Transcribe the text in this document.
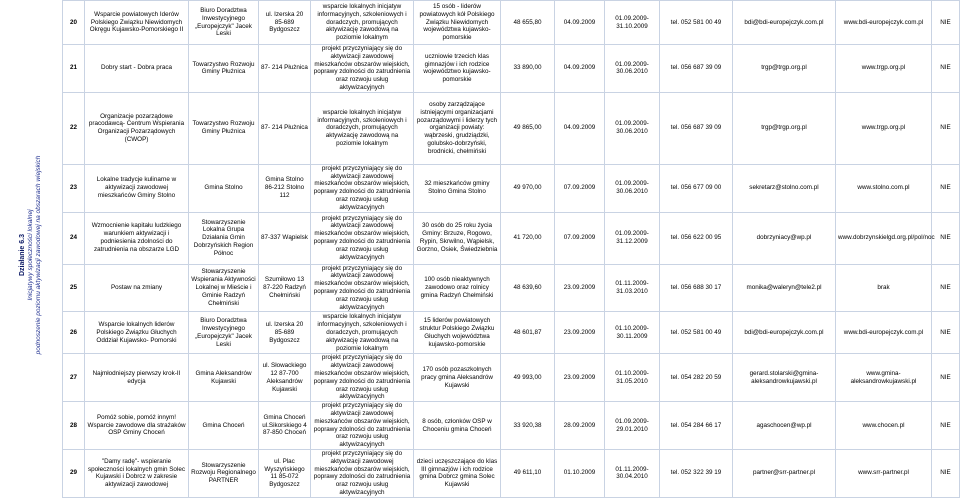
Działanie 6.3 Inicjatywy społeczności lokalnej
podnoszenie poziomu aktywizacji zawodowej na obszarach wiejskich
20	Wsparcie powiatowych Iderów Polskiego Związku Niewidomych Okręgu Kujawsko-Pomorskiego II	Biuro Doradztwa Inwestycyjnego „Europejczyk" Jacek Leski	ul. Izerska 20 85-689 Bydgoszcz	wsparcie lokalnych inicjatyw informacyjnych, szkoleniowych i doradczych, promujących aktywizację zawodową na poziomie lokalnym	15 osób - liderów powiatowych kół Polskiego Związku Niewidomych województwa kujawsko-pomorskie	48 655,80	04.09.2009	01.09.2009-31.10.2009	tel. 052 581 00 49	bdi@bdi-europejczyk.com.pl	www.bdi-europejczyk.com.pl	NIE
21	Dobry start - Dobra praca	Towarzystwo Rozwoju Gminy Płużnica	87- 214 Płużnica	projekt przyczyniający się do aktywizacji zawodowej mieszkańców obszarów wiejskich, poprawy zdolności do zatrudnienia oraz rozwoju usług aktywizacyjnych	uczniowie trzecich klas gimnazjów i ich rodzice województwo kujawsko-pomorskie	33 890,00	04.09.2009	01.09.2009-30.06.2010	tel. 056 687 39 09	trgp@trgp.org.pl	www.trgp.org.pl	NIE
22	Organizacje pozarządowe pracodawcą- Centrum Wspierania Organizacji Pozarządowych (CWOP)	Towarzystwo Rozwoju Gminy Płużnica	87- 214 Płużnica	wsparcie lokalnych inicjatyw informacyjnych, szkoleniowych i doradczych, promujących aktywizację zawodową na poziomie lokalnym	osoby zarządzające istniejącymi organizacjami pozarządowymi i liderzy tych organizacji powiaty: wąbrzeski, grudziądzki, golubsko-dobrzyński, brodnicki, chełmiński	49 865,00	04.09.2009	01.09.2009-30.06.2010	tel. 056 687 39 09	trgp@trgp.org.pl	www.trgp.org.pl	NIE
23	Lokalne tradycje kulinarne w aktywizacji zawodowej mieszkańców Gminy Stolno	Gmina Stolno	Gmina Stolno 86-212 Stolno 112	projekt przyczyniający się do aktywizacji zawodowej mieszkańców obszarów wiejskich, poprawy zdolności do zatrudnienia oraz rozwoju usług aktywizacyjnych	32 mieszkańców gminy Stolno Gmina Stolno	49 970,00	07.09.2009	01.09.2009-30.06.2010	tel. 056 677 09 00	sekretarz@stolno.com.pl	www.stolno.com.pl	NIE
24	Wzmocnienie kapitału ludzkiego warunkiem aktywizacji i podniesienia zdolności do zatrudnienia na obszarze LGD	Stowarzyszenie Lokalna Grupa Działania Gmin Dobrzyńskich Region Północ	87-337 Wąpielsk	projekt przyczyniający się do aktywizacji zawodowej mieszkańców obszarów wiejskich, poprawy zdolności do zatrudnienia oraz rozwoju usług aktywizacyjnych	30 osób do 25 roku życia Gminy: Brzuze, Rogowo, Rypin, Skrwilno, Wąpielsk, Gorzno, Osiek, Świedziebnia	41 720,00	07.09.2009	01.09.2009-31.12.2009	tel. 056 622 00 95	dobrzyniacy@wp.pl	www.dobrzynskielgd.org.pl/pol/noc	NIE
25	Postaw na zmiany	Stowarzyszenie Wspierania Aktywności Lokalnej w Mieście i Gminie Radzyń Chełmiński	Szumiłowo 13 87-220 Radzyń Chełmiński	projekt przyczyniający się do aktywizacji zawodowej mieszkańców obszarów wiejskich, poprawy zdolności do zatrudnienia oraz rozwoju usług aktywizacyjnych	100 osób nieaktywnych zawodowo oraz rolnicy gmina Radzyń Chełmiński	48 639,60	23.09.2009	01.11.2009-31.03.2010	tel. 056 688 30 17	monika@waleryn@tele2.pl	brak	NIE
26	Wsparcie lokalnych liderów Polskiego Związku Głuchych Oddział Kujawsko- Pomorski	Biuro Doradztwa Inwestycyjnego „Europejczyk" Jacek Leski	ul. Izerska 20 85-689 Bydgoszcz	wsparcie lokalnych inicjatyw informacyjnych, szkoleniowych i doradczych, promujących aktywizację zawodową na poziomie lokalnym	15 liderów powiatowych struktur Polskiego Związku Głuchych województwa kujawsko-pomorskie	48 601,87	23.09.2009	01.10.2009-30.11.2009	tel. 052 581 00 49	bdi@bdi-europejczyk.com.pl	www.bdi-europejczyk.com.pl	NIE
27	Najmłodniejszy pierwszy krok-II edycja	Gmina Aleksandrów Kujawski	ul. Słowackiego 12 87-700 Aleksandrów Kujawski	projekt przyczyniający się do aktywizacji zawodowej mieszkańców obszarów wiejskich, poprawy zdolności do zatrudnienia oraz rozwoju usług aktywizacyjnych	170 osób pozaszkolnych pracy gmina Aleksandrów Kujawski	49 993,00	23.09.2009	01.10.2009-31.05.2010	tel. 054 282 20 59	gerard.stolarski@gmina-aleksandrowkujawski.pl	www.gmina-aleksandrowkujawski.pl	NIE
28	Pomóż sobie, pomóż innym! Wsparcie zawodowe dla strażaków OSP Gminy Choceń	Gmina Choceń	Gmina Choceń ul.Sikorskiego 4 87-850 Choceń	projekt przyczyniający się do aktywizacji zawodowej mieszkańców obszarów wiejskich, poprawy zdolności do zatrudnienia oraz rozwoju usług aktywizacyjnych	8 osób, członków OSP w Choceniu gmina Choceń	33 920,38	28.09.2009	01.09.2009-29.01.2010	tel. 054 284 66 17	agaschocen@wp.pl	www.chocen.pl	NIE
29	"Damy radę"- wspieranie społeczności lokalnych gmin Solec Kujawski i Dobrcz w zakresie aktywizacji zawodowej	Stowarzyszenie Rozwoju Regionalnego PARTNER	ul. Plac Wyszyńskiego 11 85-072 Bydgoszcz	projekt przyczyniający się do aktywizacji zawodowej mieszkańców obszarów wiejskich, poprawy zdolności do zatrudnienia oraz rozwoju usług aktywizacyjnych	dzieci uczęszczające do klas III gimnazjów i ich rodzice gmina Dobrcz gmina Solec Kujawski	49 611,10	01.10.2009	01.11.2009-30.04.2010	tel. 052 322 39 19	partner@srr-partner.pl	www.srr-partner.pl	NIE
